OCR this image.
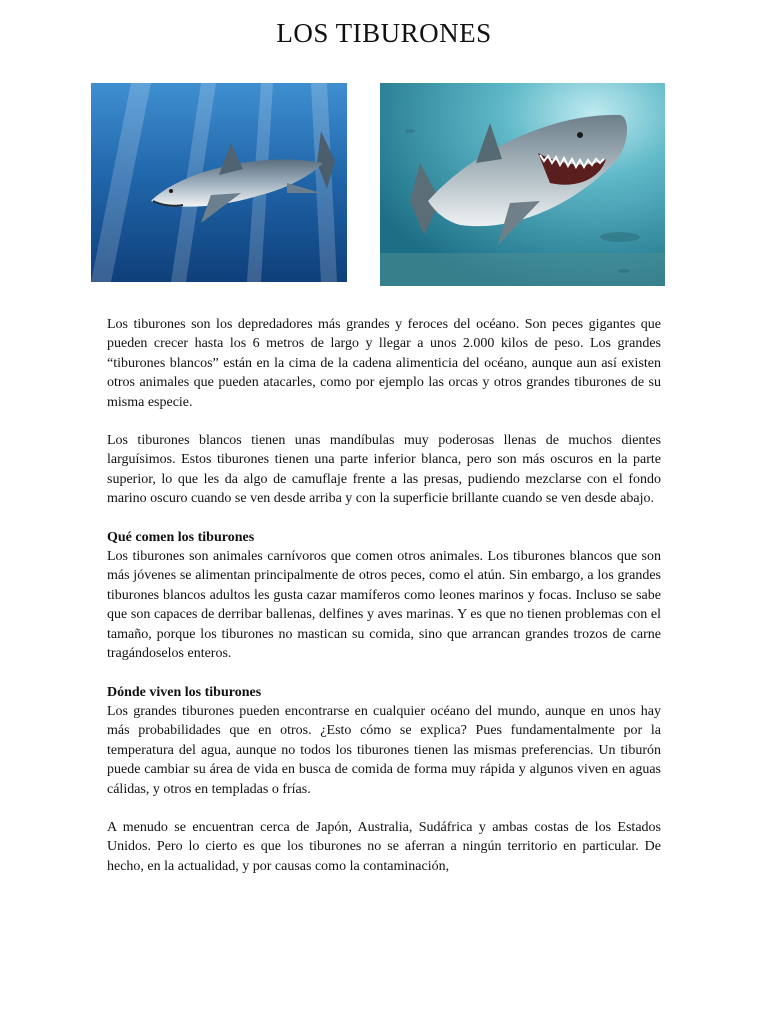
LOS TIBURONES

Los tiburones son los depredadores más grandes y feroces del océano. Son peces gigantes que pueden crecer hasta los 6 metros de largo y llegar a unos 2.000 kilos de peso. Los grandes “tiburones blancos” están en la cima de la cadena alimenticia del océano, aunque aun así existen otros animales que pueden atacarles, como por ejemplo las orcas y otros grandes tiburones de su misma especie.

Los tiburones blancos tienen unas mandíbulas muy poderosas llenas de muchos dientes larguísimos. Estos tiburones tienen una parte inferior blanca, pero son más oscuros en la parte superior, lo que les da algo de camuflaje frente a las presas, pudiendo mezclarse con el fondo marino oscuro cuando se ven desde arriba y con la superficie brillante cuando se ven desde abajo.

Qué comen los tiburones

Los tiburones son animales carnívoros que comen otros animales. Los tiburones blancos que son más jóvenes se alimentan principalmente de otros peces, como el atún. Sin embargo, a los grandes tiburones blancos adultos les gusta cazar mamíferos como leones marinos y focas. Incluso se sabe que son capaces de derribar ballenas, delfines y aves marinas. Y es que no tienen problemas con el tamaño, porque los tiburones no mastican su comida, sino que arrancan grandes trozos de carne tragándoselos enteros.

Dónde viven los tiburones

Los grandes tiburones pueden encontrarse en cualquier océano del mundo, aunque en unos hay más probabilidades que en otros. ¿Esto cómo se explica? Pues fundamentalmente por la temperatura del agua, aunque no todos los tiburones tienen las mismas preferencias. Un tiburón puede cambiar su área de vida en busca de comida de forma muy rápida y algunos viven en aguas cálidas, y otros en templadas o frías.

A menudo se encuentran cerca de Japón, Australia, Sudáfrica y ambas costas de los Estados Unidos. Pero lo cierto es que los tiburones no se aferran a ningún territorio en particular. De hecho, en la actualidad, y por causas como la contaminación,
